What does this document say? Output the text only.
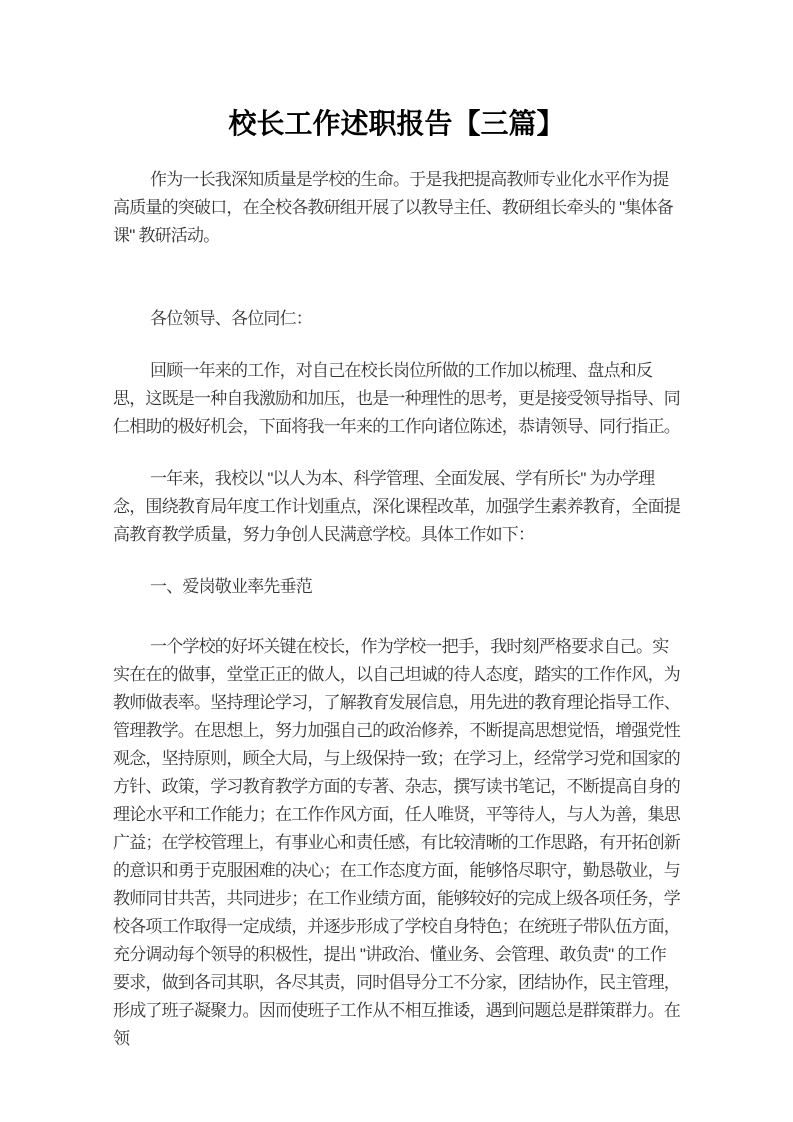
校长工作述职报告【三篇】

作为一长我深知质量是学校的生命。于是我把提高教师专业化水平作为提高质量的突破口，在全校各教研组开展了以教导主任、教研组长牵头的 "集体备课" 教研活动。

各位领导、各位同仁：

回顾一年来的工作，对自己在校长岗位所做的工作加以梳理、盘点和反思，这既是一种自我激励和加压，也是一种理性的思考，更是接受领导指导、同仁相助的极好机会，下面将我一年来的工作向诸位陈述，恭请领导、同行指正。

一年来，我校以 "以人为本、科学管理、全面发展、学有所长" 为办学理念，围绕教育局年度工作计划重点，深化课程改革，加强学生素养教育，全面提高教育教学质量，努力争创人民满意学校。具体工作如下：

一、爱岗敬业率先垂范

一个学校的好坏关键在校长，作为学校一把手，我时刻严格要求自己。实实在在的做事，堂堂正正的做人，以自己坦诚的待人态度，踏实的工作作风，为教师做表率。坚持理论学习，了解教育发展信息，用先进的教育理论指导工作、管理教学。在思想上，努力加强自己的政治修养，不断提高思想觉悟，增强党性观念，坚持原则，顾全大局，与上级保持一致；在学习上，经常学习党和国家的方针、政策，学习教育教学方面的专著、杂志，撰写读书笔记，不断提高自身的理论水平和工作能力；在工作作风方面，任人唯贤，平等待人，与人为善，集思广益；在学校管理上，有事业心和责任感，有比较清晰的工作思路，有开拓创新的意识和勇于克服困难的决心；在工作态度方面，能够恪尽职守，勤恳敬业，与教师同甘共苦，共同进步；在工作业绩方面，能够较好的完成上级各项任务，学校各项工作取得一定成绩，并逐步形成了学校自身特色；在统班子带队伍方面，充分调动每个领导的积极性，提出 "讲政治、懂业务、会管理、敢负责" 的工作要求，做到各司其职，各尽其责，同时倡导分工不分家，团结协作，民主管理，形成了班子凝聚力。因而使班子工作从不相互推诿，遇到问题总是群策群力。在领
